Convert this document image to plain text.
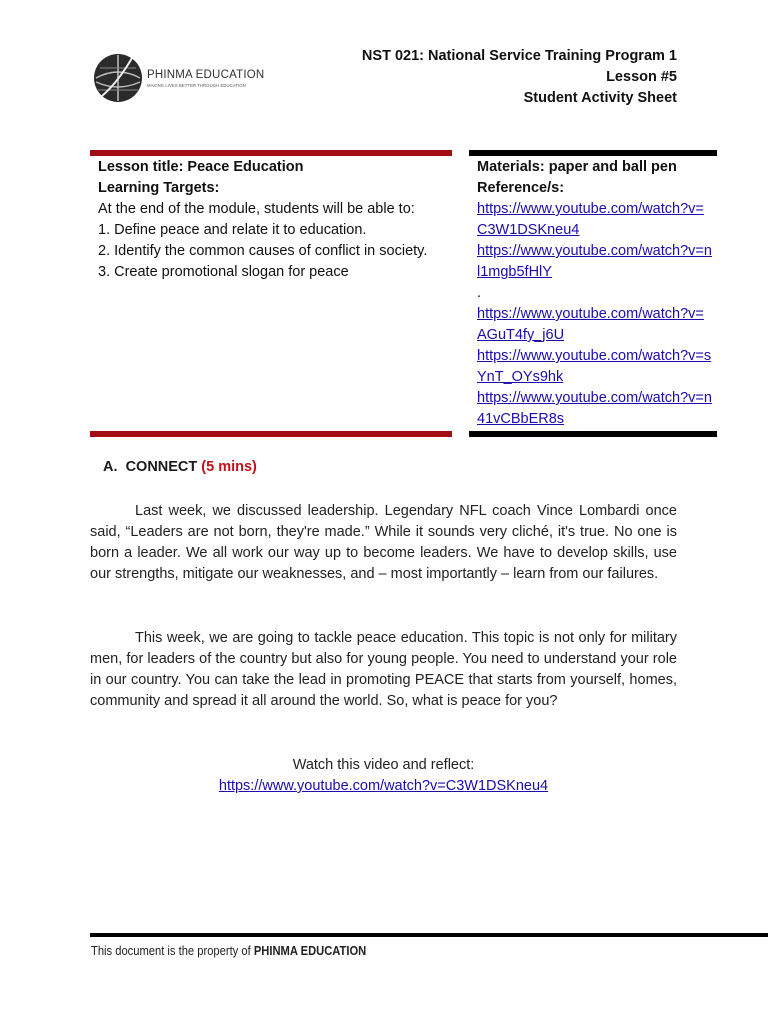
PHINMA EDUCATION
MAKING LIVES BETTER THROUGH EDUCATION
NST 021: National Service Training Program 1
Lesson #5
Student Activity Sheet
Lesson title: Peace Education
Learning Targets:
At the end of the module, students will be able to:
1. Define peace and relate it to education.
2. Identify the common causes of conflict in society.
3. Create promotional slogan for peace
Materials: paper and ball pen
Reference/s:
https://www.youtube.com/watch?v=C3W1DSKneu4
https://www.youtube.com/watch?v=nl1mgb5fHlY
.
https://www.youtube.com/watch?v=AGuT4fy_j6U
https://www.youtube.com/watch?v=sYnT_OYs9hk
https://www.youtube.com/watch?v=n41vCBbER8s
A. CONNECT (5 mins)
Last week, we discussed leadership. Legendary NFL coach Vince Lombardi once said, “Leaders are not born, they're made.” While it sounds very cliché, it's true. No one is born a leader. We all work our way up to become leaders. We have to develop skills, use our strengths, mitigate our weaknesses, and – most importantly – learn from our failures.
This week, we are going to tackle peace education. This topic is not only for military men, for leaders of the country but also for young people. You need to understand your role in our country. You can take the lead in promoting PEACE that starts from yourself, homes, community and spread it all around the world. So, what is peace for you?
Watch this video and reflect:
https://www.youtube.com/watch?v=C3W1DSKneu4
This document is the property of PHINMA EDUCATION
